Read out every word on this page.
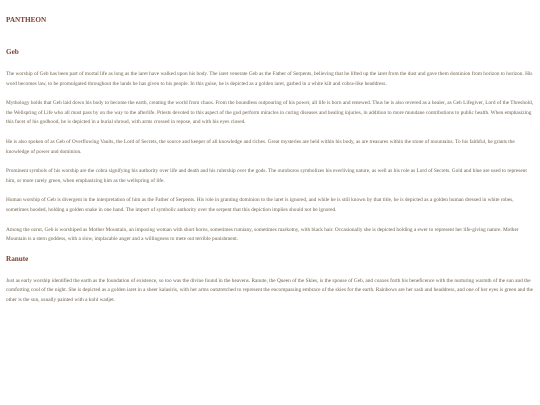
PANTHEON

Geb

The worship of Geb has been part of mortal life as long as the iaret have walked upon his body. The iaret venerate Geb as the Father of Serpents, believing that he lifted up the iaret from the dust and gave them dominion from horizon to horizon. His word becomes law, to be promulgated throughout the lands he has given to his people. In this guise, he is depicted as a golden iaret, garbed in a white kilt and cobra-like headdress.

Mythology holds that Geb laid down his body to become the earth, creating the world from chaos. From the boundless outpouring of his power, all life is born and renewed. Thus he is also revered as a healer, as Geb Lifegiver, Lord of the Threshold, the Wellspring of Life who all must pass by on the way to the afterlife. Priests devoted to this aspect of the god perform miracles in curing diseases and healing injuries, in addition to more mundane contributions to public health. When emphasizing this facet of his godhood, he is depicted in a burial shroud, with arms crossed in repose, and with his eyes closed.

He is also spoken of as Geb of Overflowing Vaults, the Lord of Secrets, the source and keeper of all knowledge and riches. Great mysteries are held within his body, as are treasures within the stone of mountains. To his faithful, he grants the knowledge of power and dominion.

Prominent symbols of his worship are the cobra signifying his authority over life and death and his rulership over the gods. The ouroboros symbolizes his everliving nature, as well as his role as Lord of Secrets. Gold and blue are used to represent him, or more rarely green, when emphasizing him as the wellspring of life.

Human worship of Geb is divergent in the interpretation of him as the Father of Serpents. His role in granting dominion to the iaret is ignored, and while he is still known by that title, he is depicted as a golden human dressed in white robes, sometimes hooded, holding a golden snake in one hand. The import of symbolic authority over the serpent that this depiction implies should not be ignored.

Among the ozrut, Geb is worshiped as Mother Mountain, an imposing woman with short horns, sometimes rumiany, sometimes markotny, with black hair. Occasionally she is depicted holding a ewer to represent her life-giving nature. Mother Mountain is a stern goddess, with a slow, implacable anger and a willingness to mete out terrible punishment.

Ranute

Just as early worship identified the earth as the foundation of existence, so too was the divine found in the heavens. Ranute, the Queen of the Skies, is the spouse of Geb, and coaxes forth his beneficence with the nurturing warmth of the sun and the comforting cool of the night. She is depicted as a golden iaret in a sheer kalasiris, with her arms outstretched to represent the encompassing embrace of the skies for the earth. Rainbows are her sash and headdress, and one of her eyes is green and the other is the sun, usually painted with a kohl wadjet.
